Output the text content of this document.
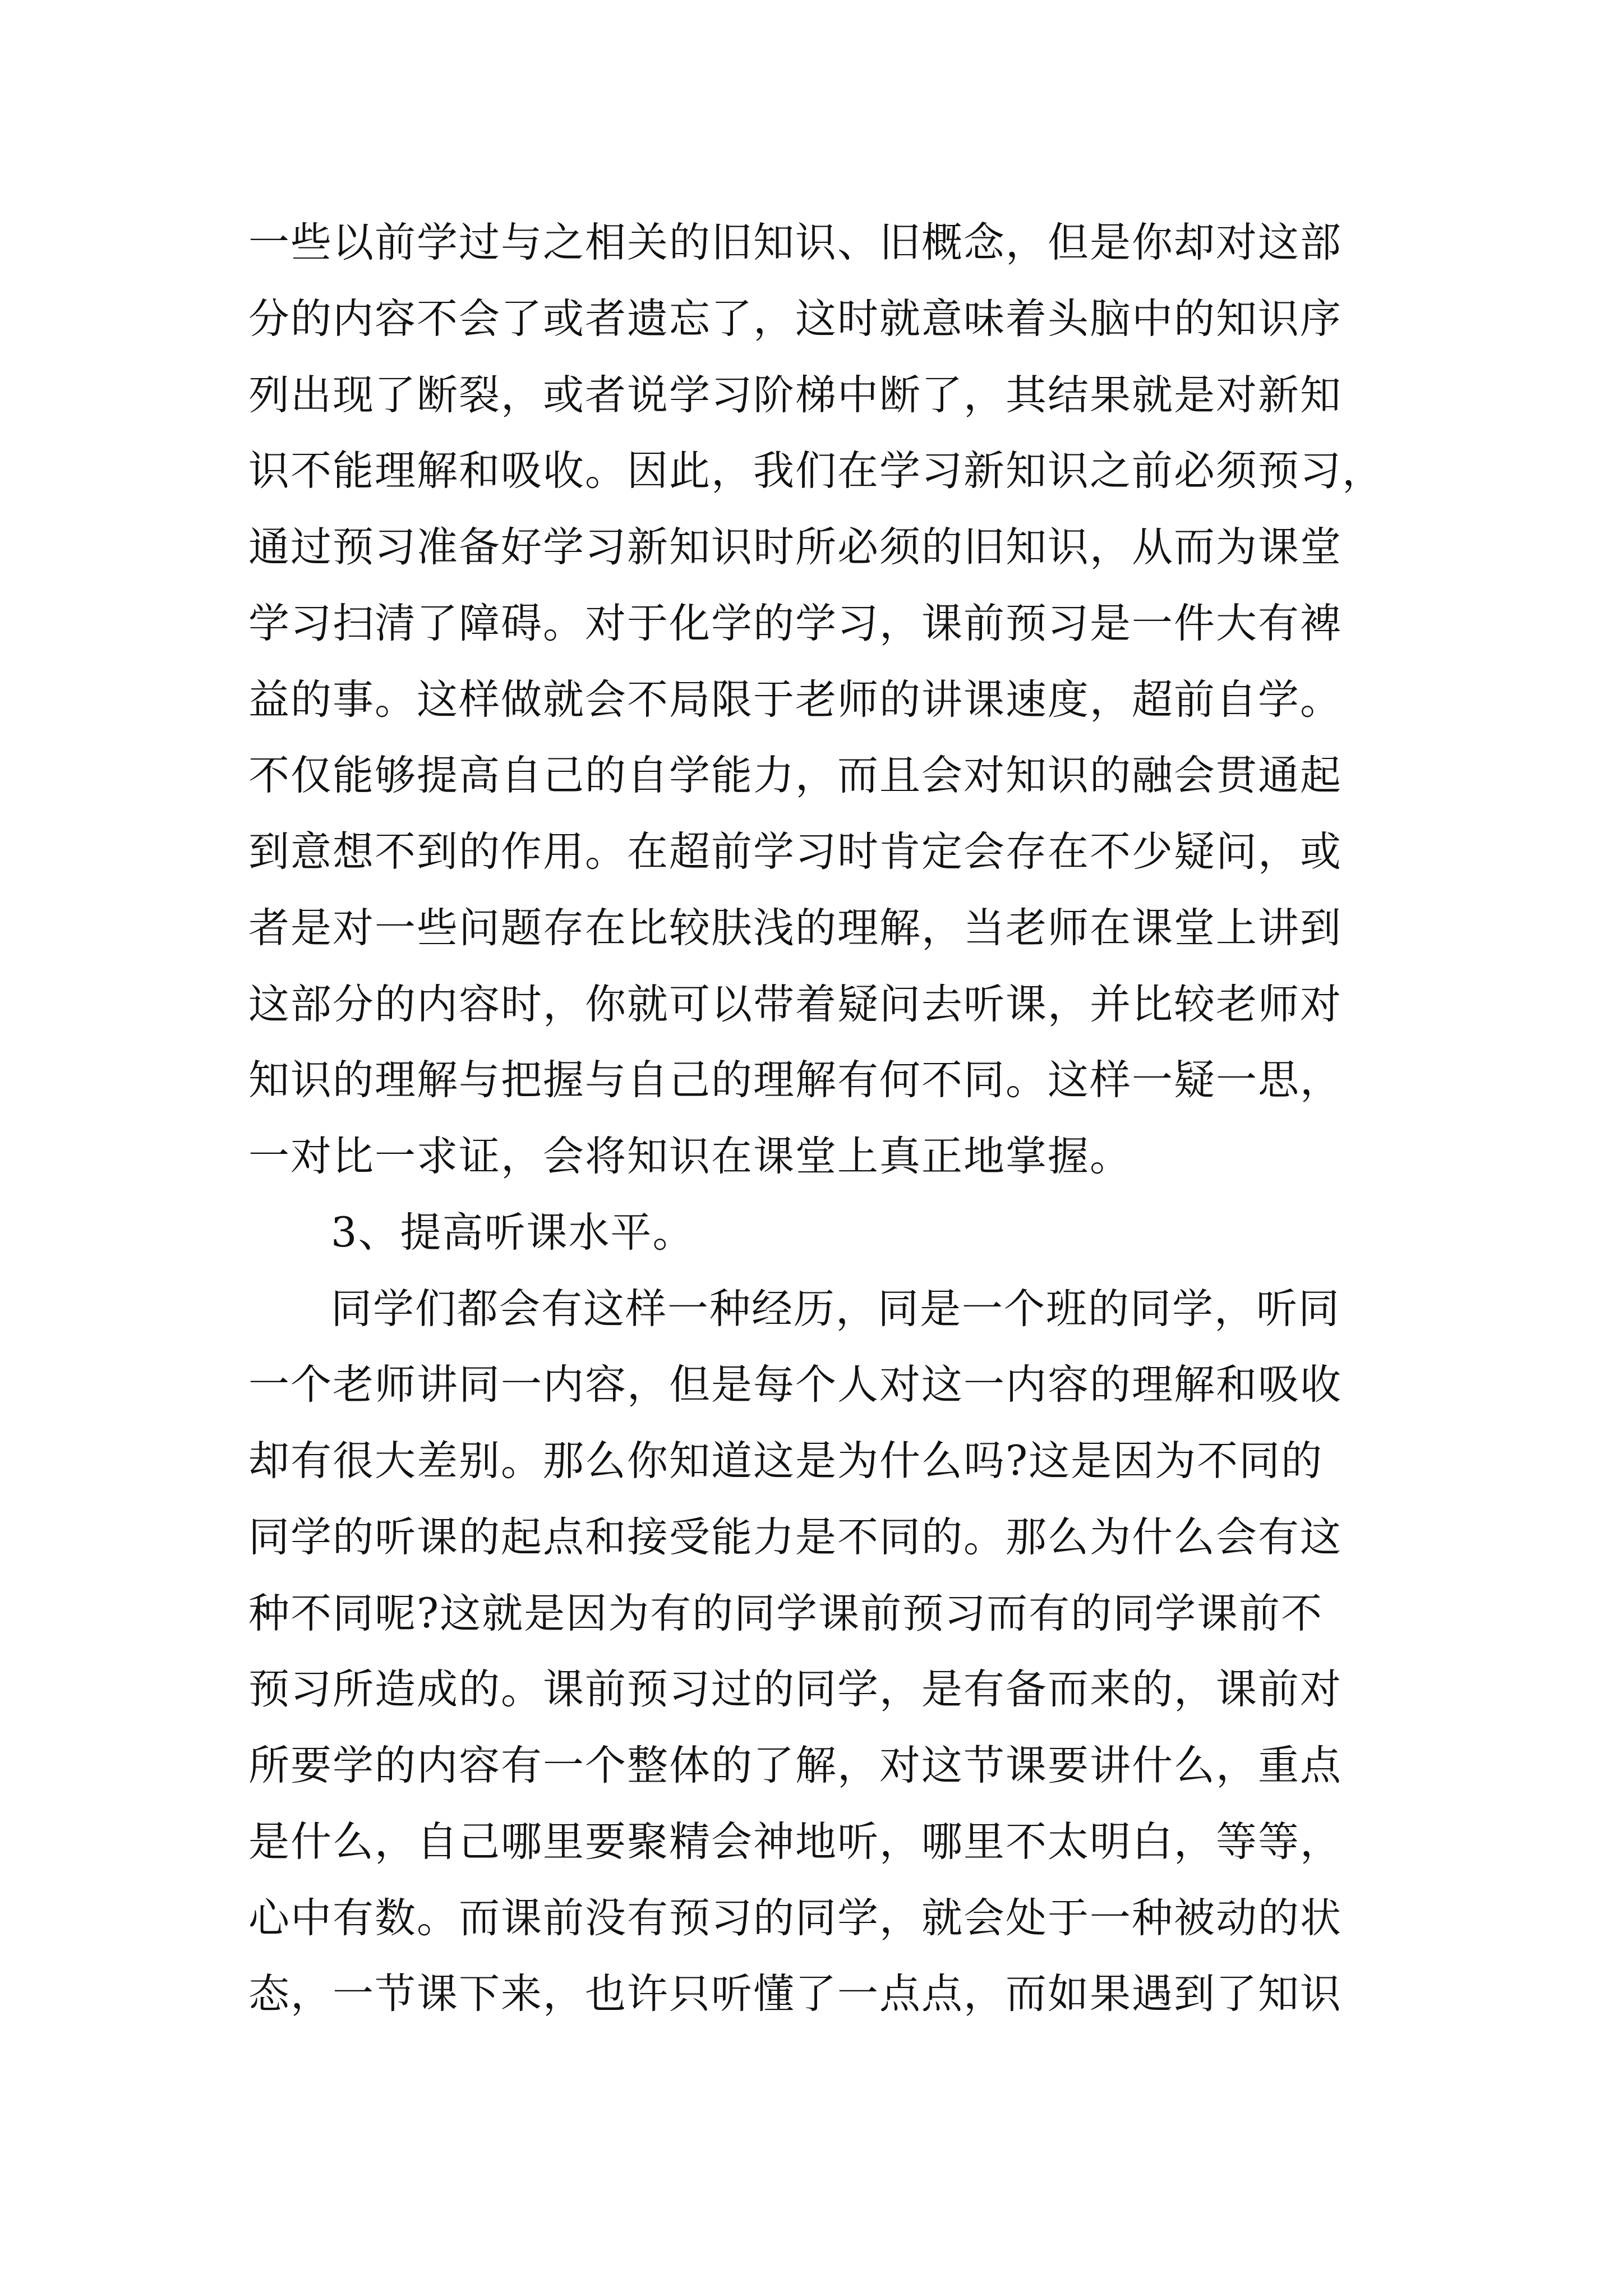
一些以前学过与之相关的旧知识、旧概念，但是你却对这部
分的内容不会了或者遗忘了，这时就意味着头脑中的知识序
列出现了断裂，或者说学习阶梯中断了，其结果就是对新知
识不能理解和吸收。因此，我们在学习新知识之前必须预习，
通过预习准备好学习新知识时所必须的旧知识，从而为课堂
学习扫清了障碍。对于化学的学习，课前预习是一件大有裨
益的事。这样做就会不局限于老师的讲课速度，超前自学。
不仅能够提高自己的自学能力，而且会对知识的融会贯通起
到意想不到的作用。在超前学习时肯定会存在不少疑问，或
者是对一些问题存在比较肤浅的理解，当老师在课堂上讲到
这部分的内容时，你就可以带着疑问去听课，并比较老师对
知识的理解与把握与自己的理解有何不同。这样一疑一思，
一对比一求证，会将知识在课堂上真正地掌握。
3、提高听课水平。
同学们都会有这样一种经历，同是一个班的同学，听同
一个老师讲同一内容，但是每个人对这一内容的理解和吸收
却有很大差别。那么你知道这是为什么吗?这是因为不同的
同学的听课的起点和接受能力是不同的。那么为什么会有这
种不同呢?这就是因为有的同学课前预习而有的同学课前不
预习所造成的。课前预习过的同学，是有备而来的，课前对
所要学的内容有一个整体的了解，对这节课要讲什么，重点
是什么，自己哪里要聚精会神地听，哪里不太明白，等等，
心中有数。而课前没有预习的同学，就会处于一种被动的状
态，一节课下来，也许只听懂了一点点，而如果遇到了知识
